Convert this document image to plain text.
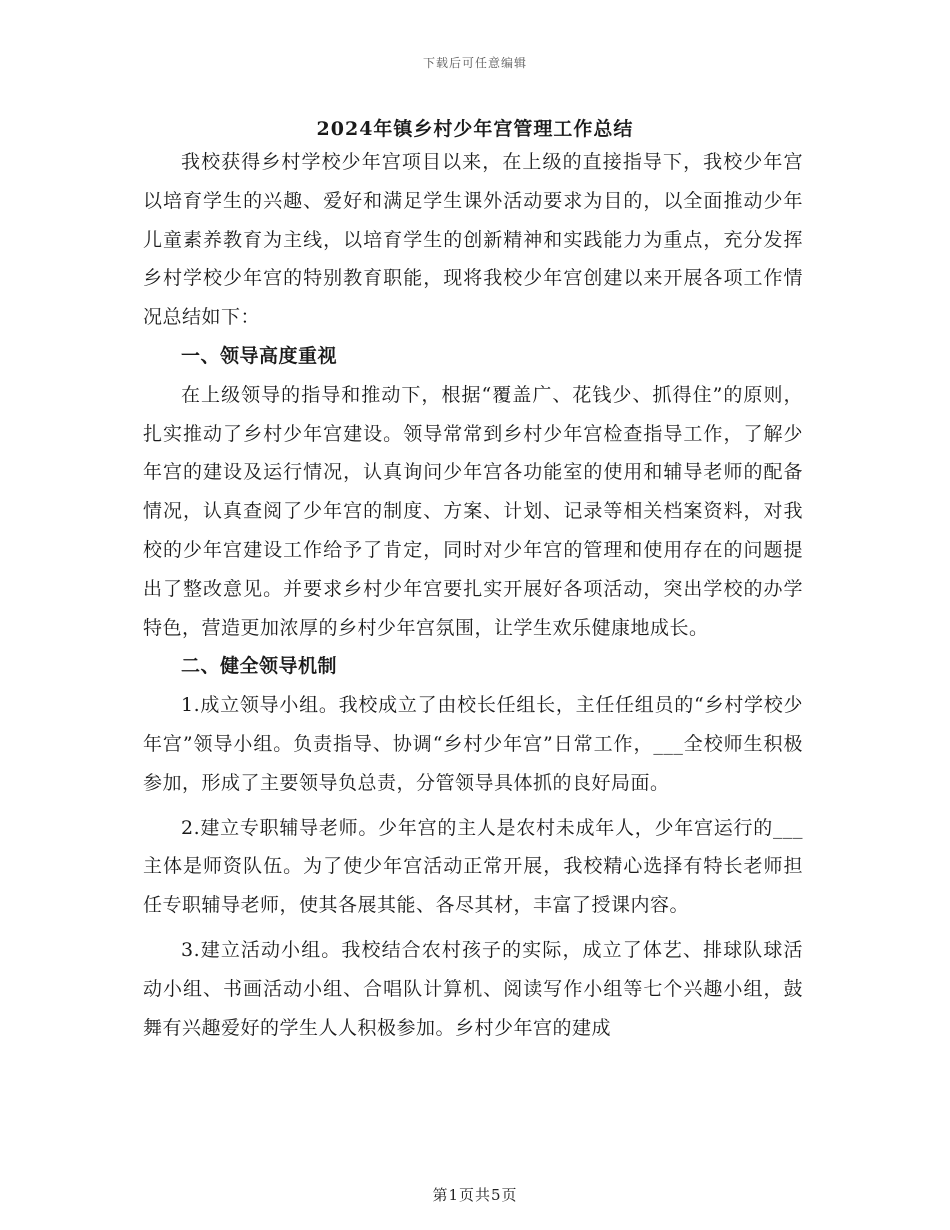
下载后可任意编辑
2024年镇乡村少年宫管理工作总结

我校获得乡村学校少年宫项目以来，在上级的直接指导下，我校少年宫以培育学生的兴趣、爱好和满足学生课外活动要求为目的，以全面推动少年儿童素养教育为主线，以培育学生的创新精神和实践能力为重点，充分发挥乡村学校少年宫的特别教育职能，现将我校少年宫创建以来开展各项工作情况总结如下：

一、领导高度重视

在上级领导的指导和推动下，根据“覆盖广、花钱少、抓得住”的原则，扎实推动了乡村少年宫建设。领导常常到乡村少年宫检查指导工作，了解少年宫的建设及运行情况，认真询问少年宫各功能室的使用和辅导老师的配备情况，认真查阅了少年宫的制度、方案、计划、记录等相关档案资料，对我校的少年宫建设工作给予了肯定，同时对少年宫的管理和使用存在的问题提出了整改意见。并要求乡村少年宫要扎实开展好各项活动，突出学校的办学特色，营造更加浓厚的乡村少年宫氛围，让学生欢乐健康地成长。

二、健全领导机制

1.成立领导小组。我校成立了由校长任组长，主任任组员的“乡村学校少年宫”领导小组。负责指导、协调“乡村少年宫”日常工作，___全校师生积极参加，形成了主要领导负总责，分管领导具体抓的良好局面。

2.建立专职辅导老师。少年宫的主人是农村未成年人，少年宫运行的___主体是师资队伍。为了使少年宫活动正常开展，我校精心选择有特长老师担任专职辅导老师，使其各展其能、各尽其材，丰富了授课内容。

3.建立活动小组。我校结合农村孩子的实际，成立了体艺、排球队球活动小组、书画活动小组、合唱队计算机、阅读写作小组等七个兴趣小组，鼓舞有兴趣爱好的学生人人积极参加。乡村少年宫的建成

第1页共5页
